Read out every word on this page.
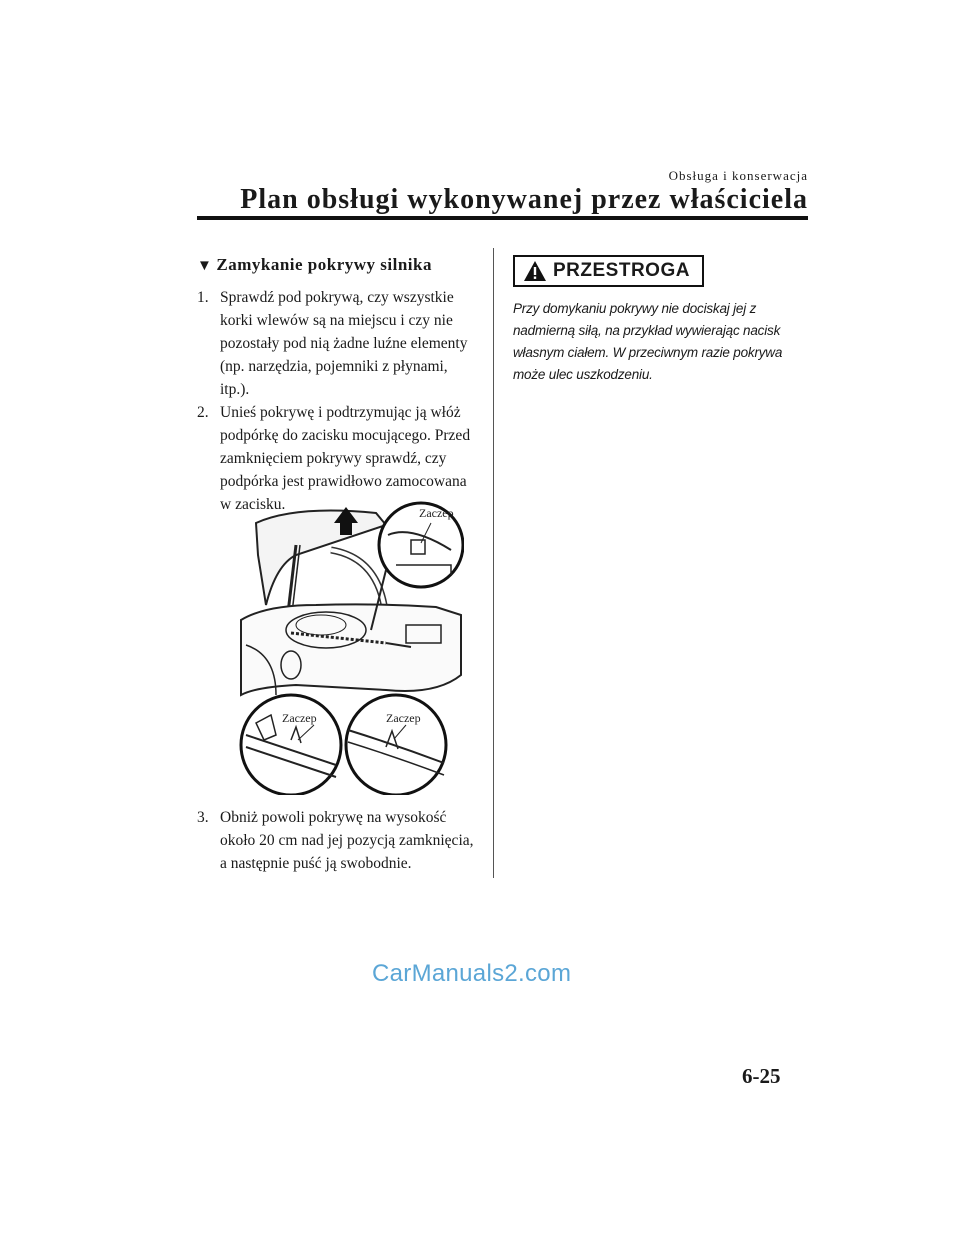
Obsługa i konserwacja
Plan obsługi wykonywanej przez właściciela
▼ Zamykanie pokrywy silnika

1. Sprawdź pod pokrywą, czy wszystkie korki wlewów są na miejscu i czy nie pozostały pod nią żadne luźne elementy (np. narzędzia, pojemniki z płynami, itp.).

2. Unieś pokrywę i podtrzymując ją włóż podpórkę do zacisku mocującego. Przed zamknięciem pokrywy sprawdź, czy podpórka jest prawidłowo zamocowana w zacisku.	Zaczep
Zaczep	Zaczep

3. Obniż powoli pokrywę na wysokość około 20 cm nad jej pozycją zamknięcia, a następnie puść ją swobodnie.

PRZESTROGA
Przy domykaniu pokrywy nie dociskaj jej z nadmierną siłą, na przykład wywierając nacisk własnym ciałem. W przeciwnym razie pokrywa może ulec uszkodzeniu.
CarManuals2.com
6-25
